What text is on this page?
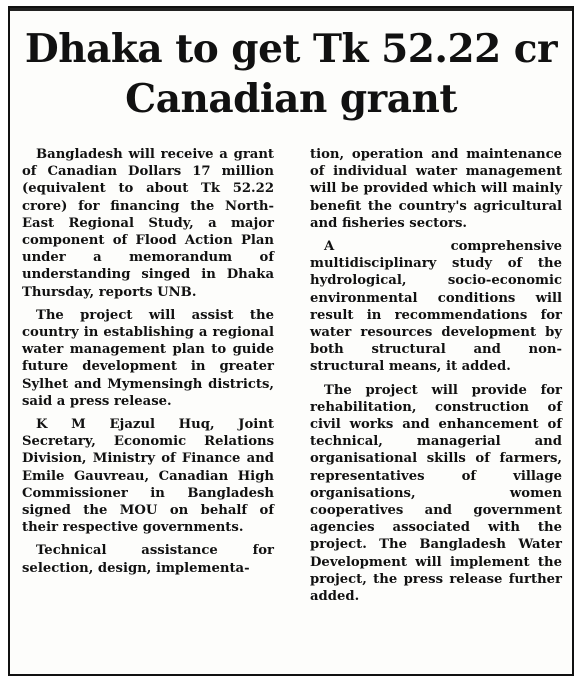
Dhaka to get Tk 52.22 cr
Canadian grant

Bangladesh will receive a grant of Canadian Dollars 17 million (equivalent to about Tk 52.22 crore) for financing the North-East Regional Study, a major component of Flood Action Plan under a memorandum of understanding singed in Dhaka Thursday, reports UNB.

The project will assist the country in establishing a regional water management plan to guide future development in greater Sylhet and Mymensingh districts, said a press release.

K M Ejazul Huq, Joint Secretary, Economic Relations Division, Ministry of Finance and Emile Gauvreau, Canadian High Commissioner in Bangladesh signed the MOU on behalf of their respective governments.

Technical assistance for selection, design, implementa-

tion, operation and maintenance of individual water management will be provided which will mainly benefit the country's agricultural and fisheries sectors.

A comprehensive multidisciplinary study of the hydrological, socio-economic environmental conditions will result in recommendations for water resources development by both structural and non-structural means, it added.

The project will provide for rehabilitation, construction of civil works and enhancement of technical, managerial and organisational skills of farmers, representatives of village organisations, women cooperatives and government agencies associated with the project. The Bangladesh Water Development will implement the project, the press release further added.
